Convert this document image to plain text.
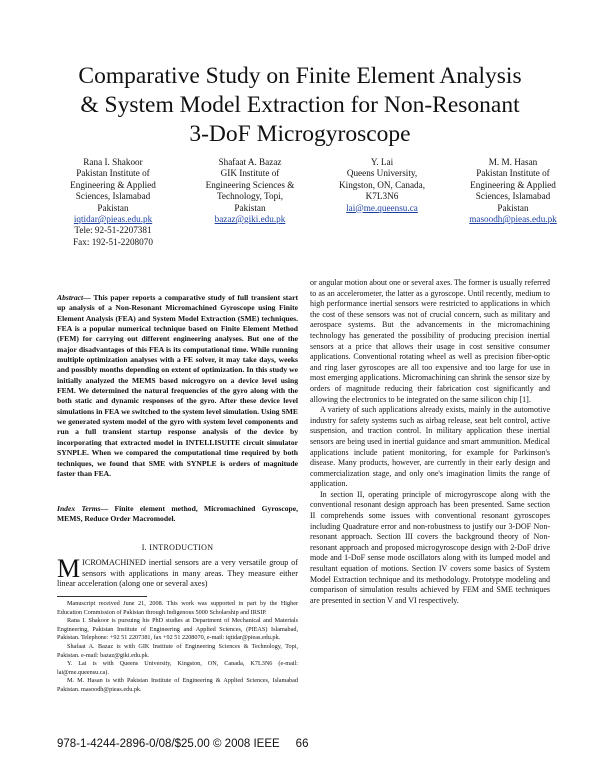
Comparative Study on Finite Element Analysis
& System Model Extraction for Non-Resonant
3-DoF Microgyroscope
Rana I. Shakoor
Pakistan Institute of
Engineering & Applied
Sciences, Islamabad
Pakistan
iqtidar@pieas.edu.pk
Tele: 92-51-2207381
Fax: 192-51-2208070
Shafaat A. Bazaz
GIK Institute of
Engineering Sciences &
Technology, Topi,
Pakistan
bazaz@giki.edu.pk
Y. Lai
Queens University,
Kingston, ON, Canada,
K7L3N6
lai@me.queensu.ca
M. M. Hasan
Pakistan Institute of
Engineering & Applied
Sciences, Islamabad
Pakistan
masoodh@pieas.edu.pk
Abstract— This paper reports a comparative study of full transient start up analysis of a Non-Resonant Micromachined Gyroscope using Finite Element Analysis (FEA) and System Model Extraction (SME) techniques. FEA is a popular numerical technique based on Finite Element Method (FEM) for carrying out different engineering analyses. But one of the major disadvantages of this FEA is its computational time. While running multiple optimization analyses with a FE solver, it may take days, weeks and possibly months depending on extent of optimization. In this study we initially analyzed the MEMS based microgyro on a device level using FEM. We determined the natural frequencies of the gyro along with the both static and dynamic responses of the gyro. After these device level simulations in FEA we switched to the system level simulation. Using SME we generated system model of the gyro with system level components and run a full transient startup response analysis of the device by incorporating that extracted model in INTELLISUITE circuit simulator SYNPLE. When we compared the computational time required by both techniques, we found that SME with SYNPLE is orders of magnitude faster than FEA.
Index Terms— Finite element method, Micromachined Gyroscope, MEMS, Reduce Order Macromodel.
I. INTRODUCTION
MICROMACHINED inertial sensors are a very versatile group of sensors with applications in many areas. They measure either linear acceleration (along one or several axes)

Manuscript received June 21, 2008. This work was supported in part by the Higher Education Commission of Pakistan through Indigenous 5000 Scholarship and IRSIP.

Rana I. Shakoor is pursuing his PhD studies at Department of Mechanical and Materials Engineering, Pakistan Institute of Engineering and Applied Sciences, (PIEAS) Islamabad, Pakistan. Telephone: +92 51 2207381, fax +92 51 2208070, e-mail: iqtidar@pieas.edu.pk.

Shafaat A. Bazaz is with GIK Institute of Engineering Sciences & Technology, Topi, Pakistan. e-mail: bazaz@giki.edu.pk.

Y. Lai is with Queens University, Kingston, ON, Canada, K7L3N6 (e-mail: lai@me.queensu.ca).

M. M. Hasan is with Pakistan Institute of Engineering & Applied Sciences, Islamabad Pakistan. masoodh@pieas.edu.pk.

or angular motion about one or several axes. The former is usually referred to as an accelerometer, the latter as a gyroscope. Until recently, medium to high performance inertial sensors were restricted to applications in which the cost of these sensors was not of crucial concern, such as military and aerospace systems. But the advancements in the micromachining technology has generated the possibility of producing precision inertial sensors at a price that allows their usage in cost sensitive consumer applications. Conventional rotating wheel as well as precision fiber-optic and ring laser gyroscopes are all too expensive and too large for use in most emerging applications. Micromachining can shrink the sensor size by orders of magnitude reducing their fabrication cost significantly and allowing the electronics to be integrated on the same silicon chip [1].

A variety of such applications already exists, mainly in the automotive industry for safety systems such as airbag release, seat belt control, active suspension, and traction control. In military application these inertial sensors are being used in inertial guidance and smart ammunition. Medical applications include patient monitoring, for example for Parkinson's disease. Many products, however, are currently in their early design and commercialization stage, and only one's imagination limits the range of application.

In section II, operating principle of microgyroscope along with the conventional resonant design approach has been presented. Same section II comprehends some issues with conventional resonant gyroscopes including Quadrature error and non-robustness to justify our 3-DOF Non-resonant approach. Section III covers the background theory of Non-resonant approach and proposed microgyroscope design with 2-DoF drive mode and 1-DoF sense mode oscillators along with its lumped model and resultant equation of motions. Section IV covers some basics of System Model Extraction technique and its methodology. Prototype modeling and comparison of simulation results achieved by FEM and SME techniques are presented in section V and VI respectively.

978-1-4244-2896-0/08/$25.00 © 2008 IEEE 66
